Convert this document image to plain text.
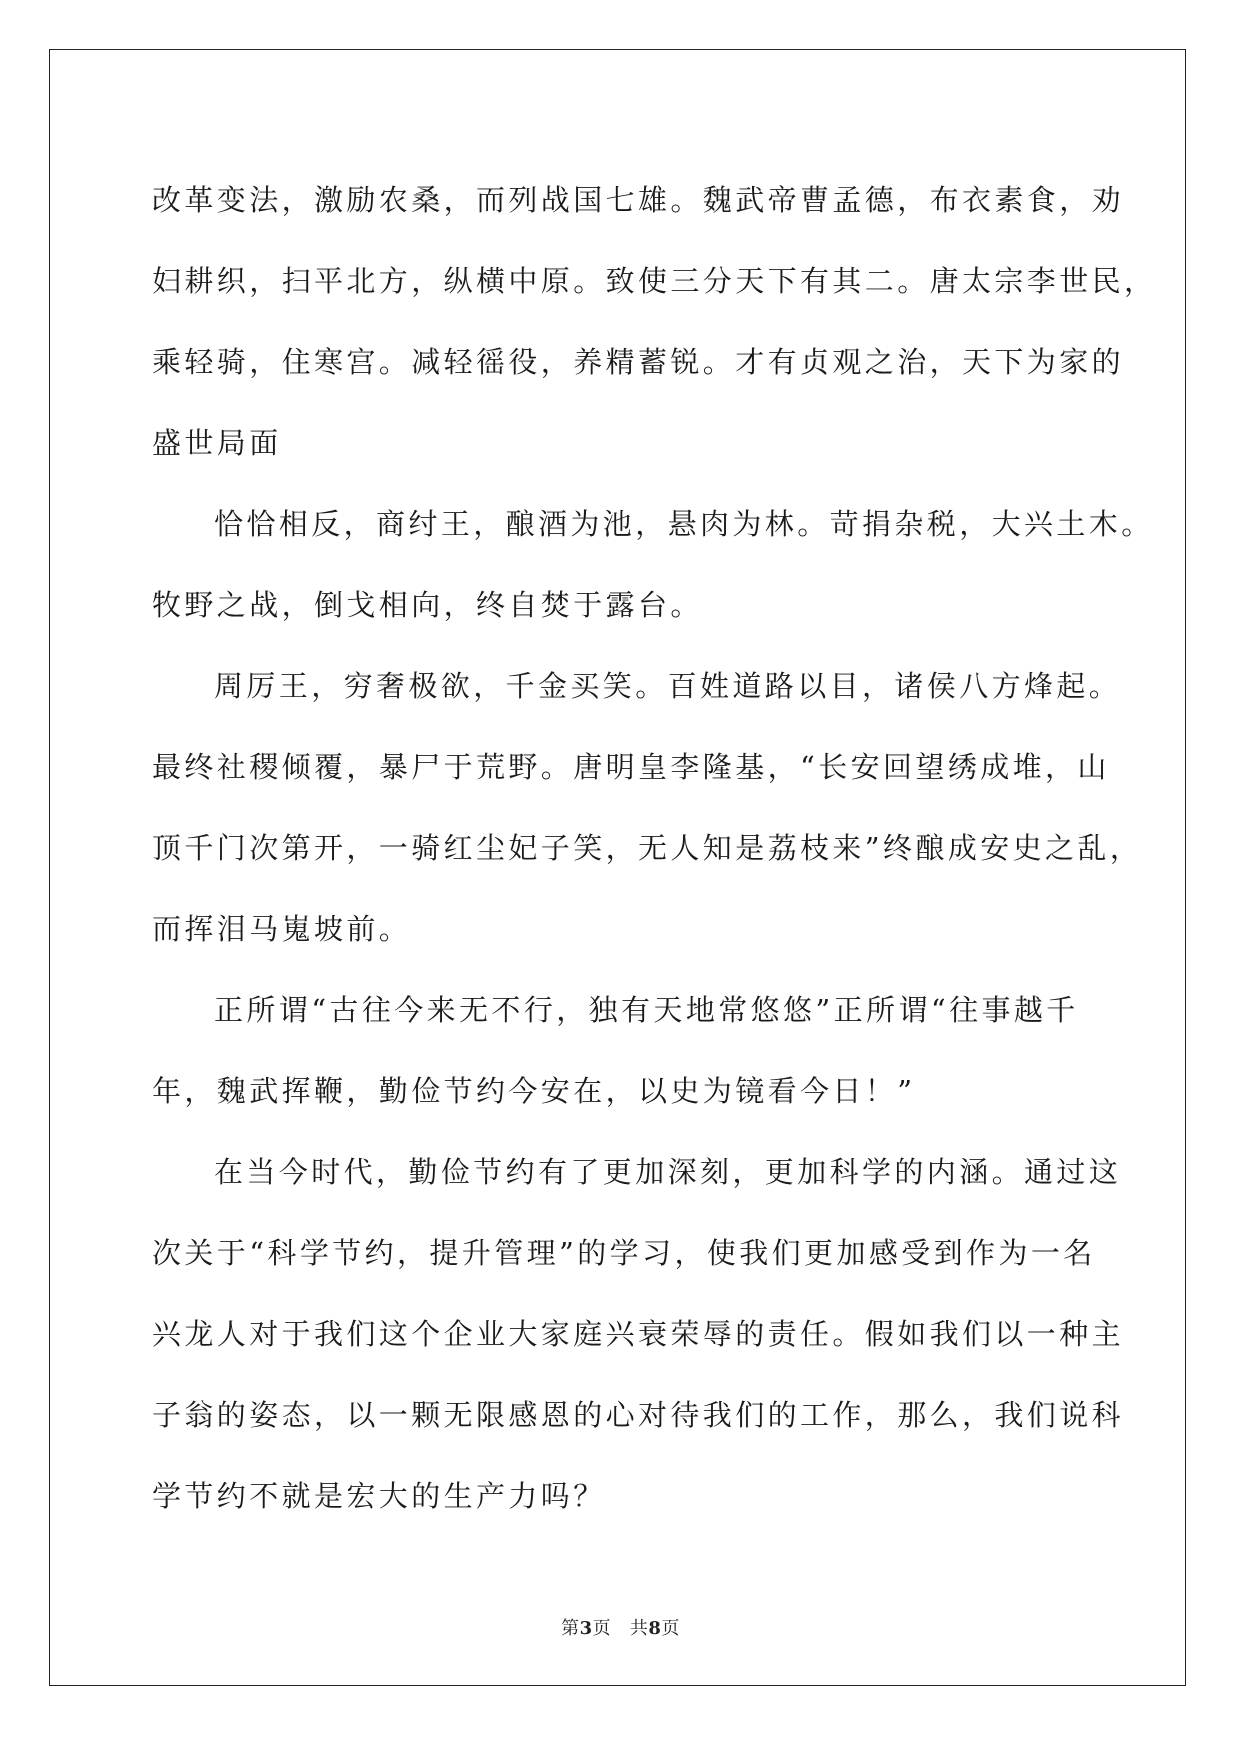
改革变法，激励农桑，而列战国七雄。魏武帝曹孟德，布衣素食，劝
妇耕织，扫平北方，纵横中原。致使三分天下有其二。唐太宗李世民，
乘轻骑，住寒宫。减轻徭役，养精蓄锐。才有贞观之治，天下为家的
盛世局面

恰恰相反，商纣王，酿酒为池，悬肉为林。苛捐杂税，大兴土木。
牧野之战，倒戈相向，终自焚于露台。

周厉王，穷奢极欲，千金买笑。百姓道路以目，诸侯八方烽起。
最终社稷倾覆，暴尸于荒野。唐明皇李隆基，“长安回望绣成堆，山
顶千门次第开，一骑红尘妃子笑，无人知是荔枝来”终酿成安史之乱，
而挥泪马嵬坡前。

正所谓“古往今来无不行，独有天地常悠悠”正所谓“往事越千
年，魏武挥鞭，勤俭节约今安在，以史为镜看今日！”

在当今时代，勤俭节约有了更加深刻，更加科学的内涵。通过这
次关于“科学节约，提升管理”的学习，使我们更加感受到作为一名
兴龙人对于我们这个企业大家庭兴衰荣辱的责任。假如我们以一种主
子翁的姿态，以一颗无限感恩的心对待我们的工作，那么，我们说科
学节约不就是宏大的生产力吗？

第3页   共8页
